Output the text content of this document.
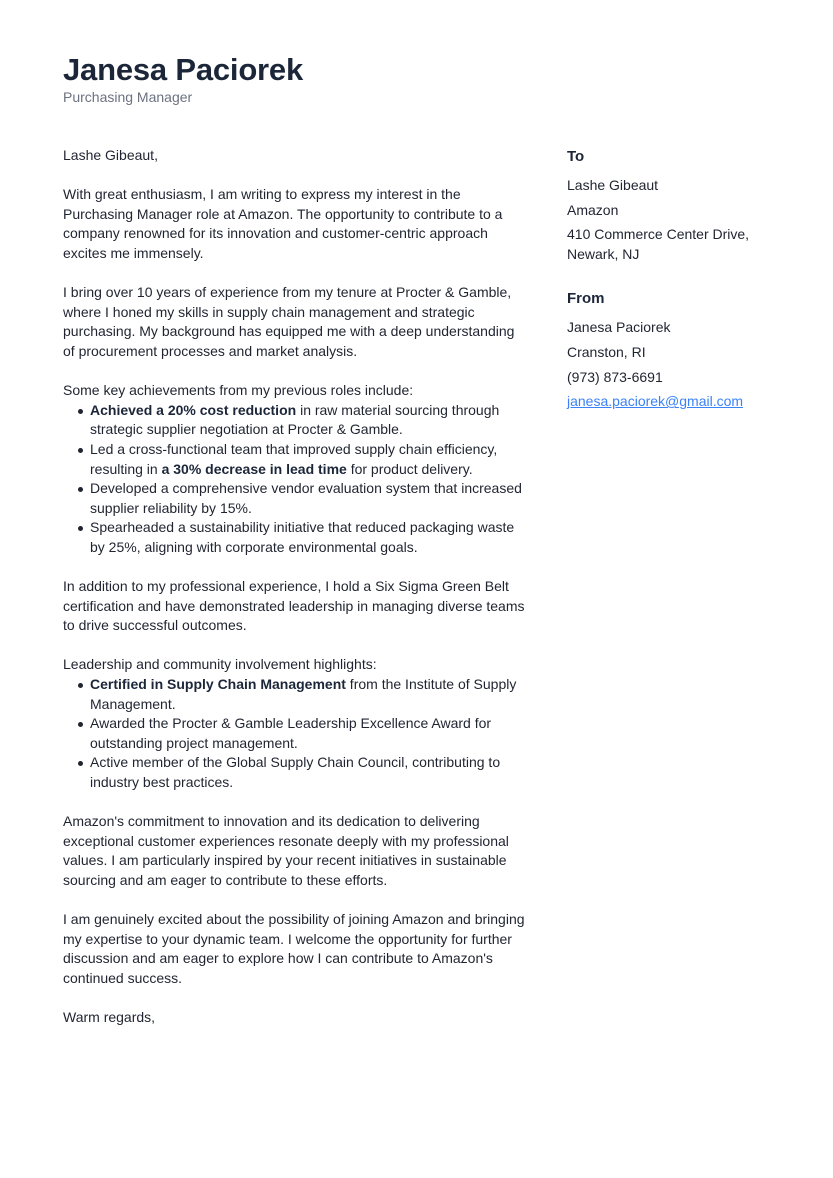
Janesa Paciorek
Purchasing Manager

Lashe Gibeaut,

With great enthusiasm, I am writing to express my interest in the Purchasing Manager role at Amazon. The opportunity to contribute to a company renowned for its innovation and customer-centric approach excites me immensely.

I bring over 10 years of experience from my tenure at Procter & Gamble, where I honed my skills in supply chain management and strategic purchasing. My background has equipped me with a deep understanding of procurement processes and market analysis.

Some key achievements from my previous roles include:

Achieved a 20% cost reduction in raw material sourcing through strategic supplier negotiation at Procter & Gamble.
Led a cross-functional team that improved supply chain efficiency, resulting in a 30% decrease in lead time for product delivery.
Developed a comprehensive vendor evaluation system that increased supplier reliability by 15%.
Spearheaded a sustainability initiative that reduced packaging waste by 25%, aligning with corporate environmental goals.

In addition to my professional experience, I hold a Six Sigma Green Belt certification and have demonstrated leadership in managing diverse teams to drive successful outcomes.

Leadership and community involvement highlights:

Certified in Supply Chain Management from the Institute of Supply Management.
Awarded the Procter & Gamble Leadership Excellence Award for outstanding project management.
Active member of the Global Supply Chain Council, contributing to industry best practices.

Amazon's commitment to innovation and its dedication to delivering exceptional customer experiences resonate deeply with my professional values. I am particularly inspired by your recent initiatives in sustainable sourcing and am eager to contribute to these efforts.

I am genuinely excited about the possibility of joining Amazon and bringing my expertise to your dynamic team. I welcome the opportunity for further discussion and am eager to explore how I can contribute to Amazon's continued success.

Warm regards,

To
Lashe Gibeaut
Amazon
410 Commerce Center Drive, Newark, NJ
From
Janesa Paciorek
Cranston, RI
(973) 873-6691
janesa.paciorek@gmail.com
